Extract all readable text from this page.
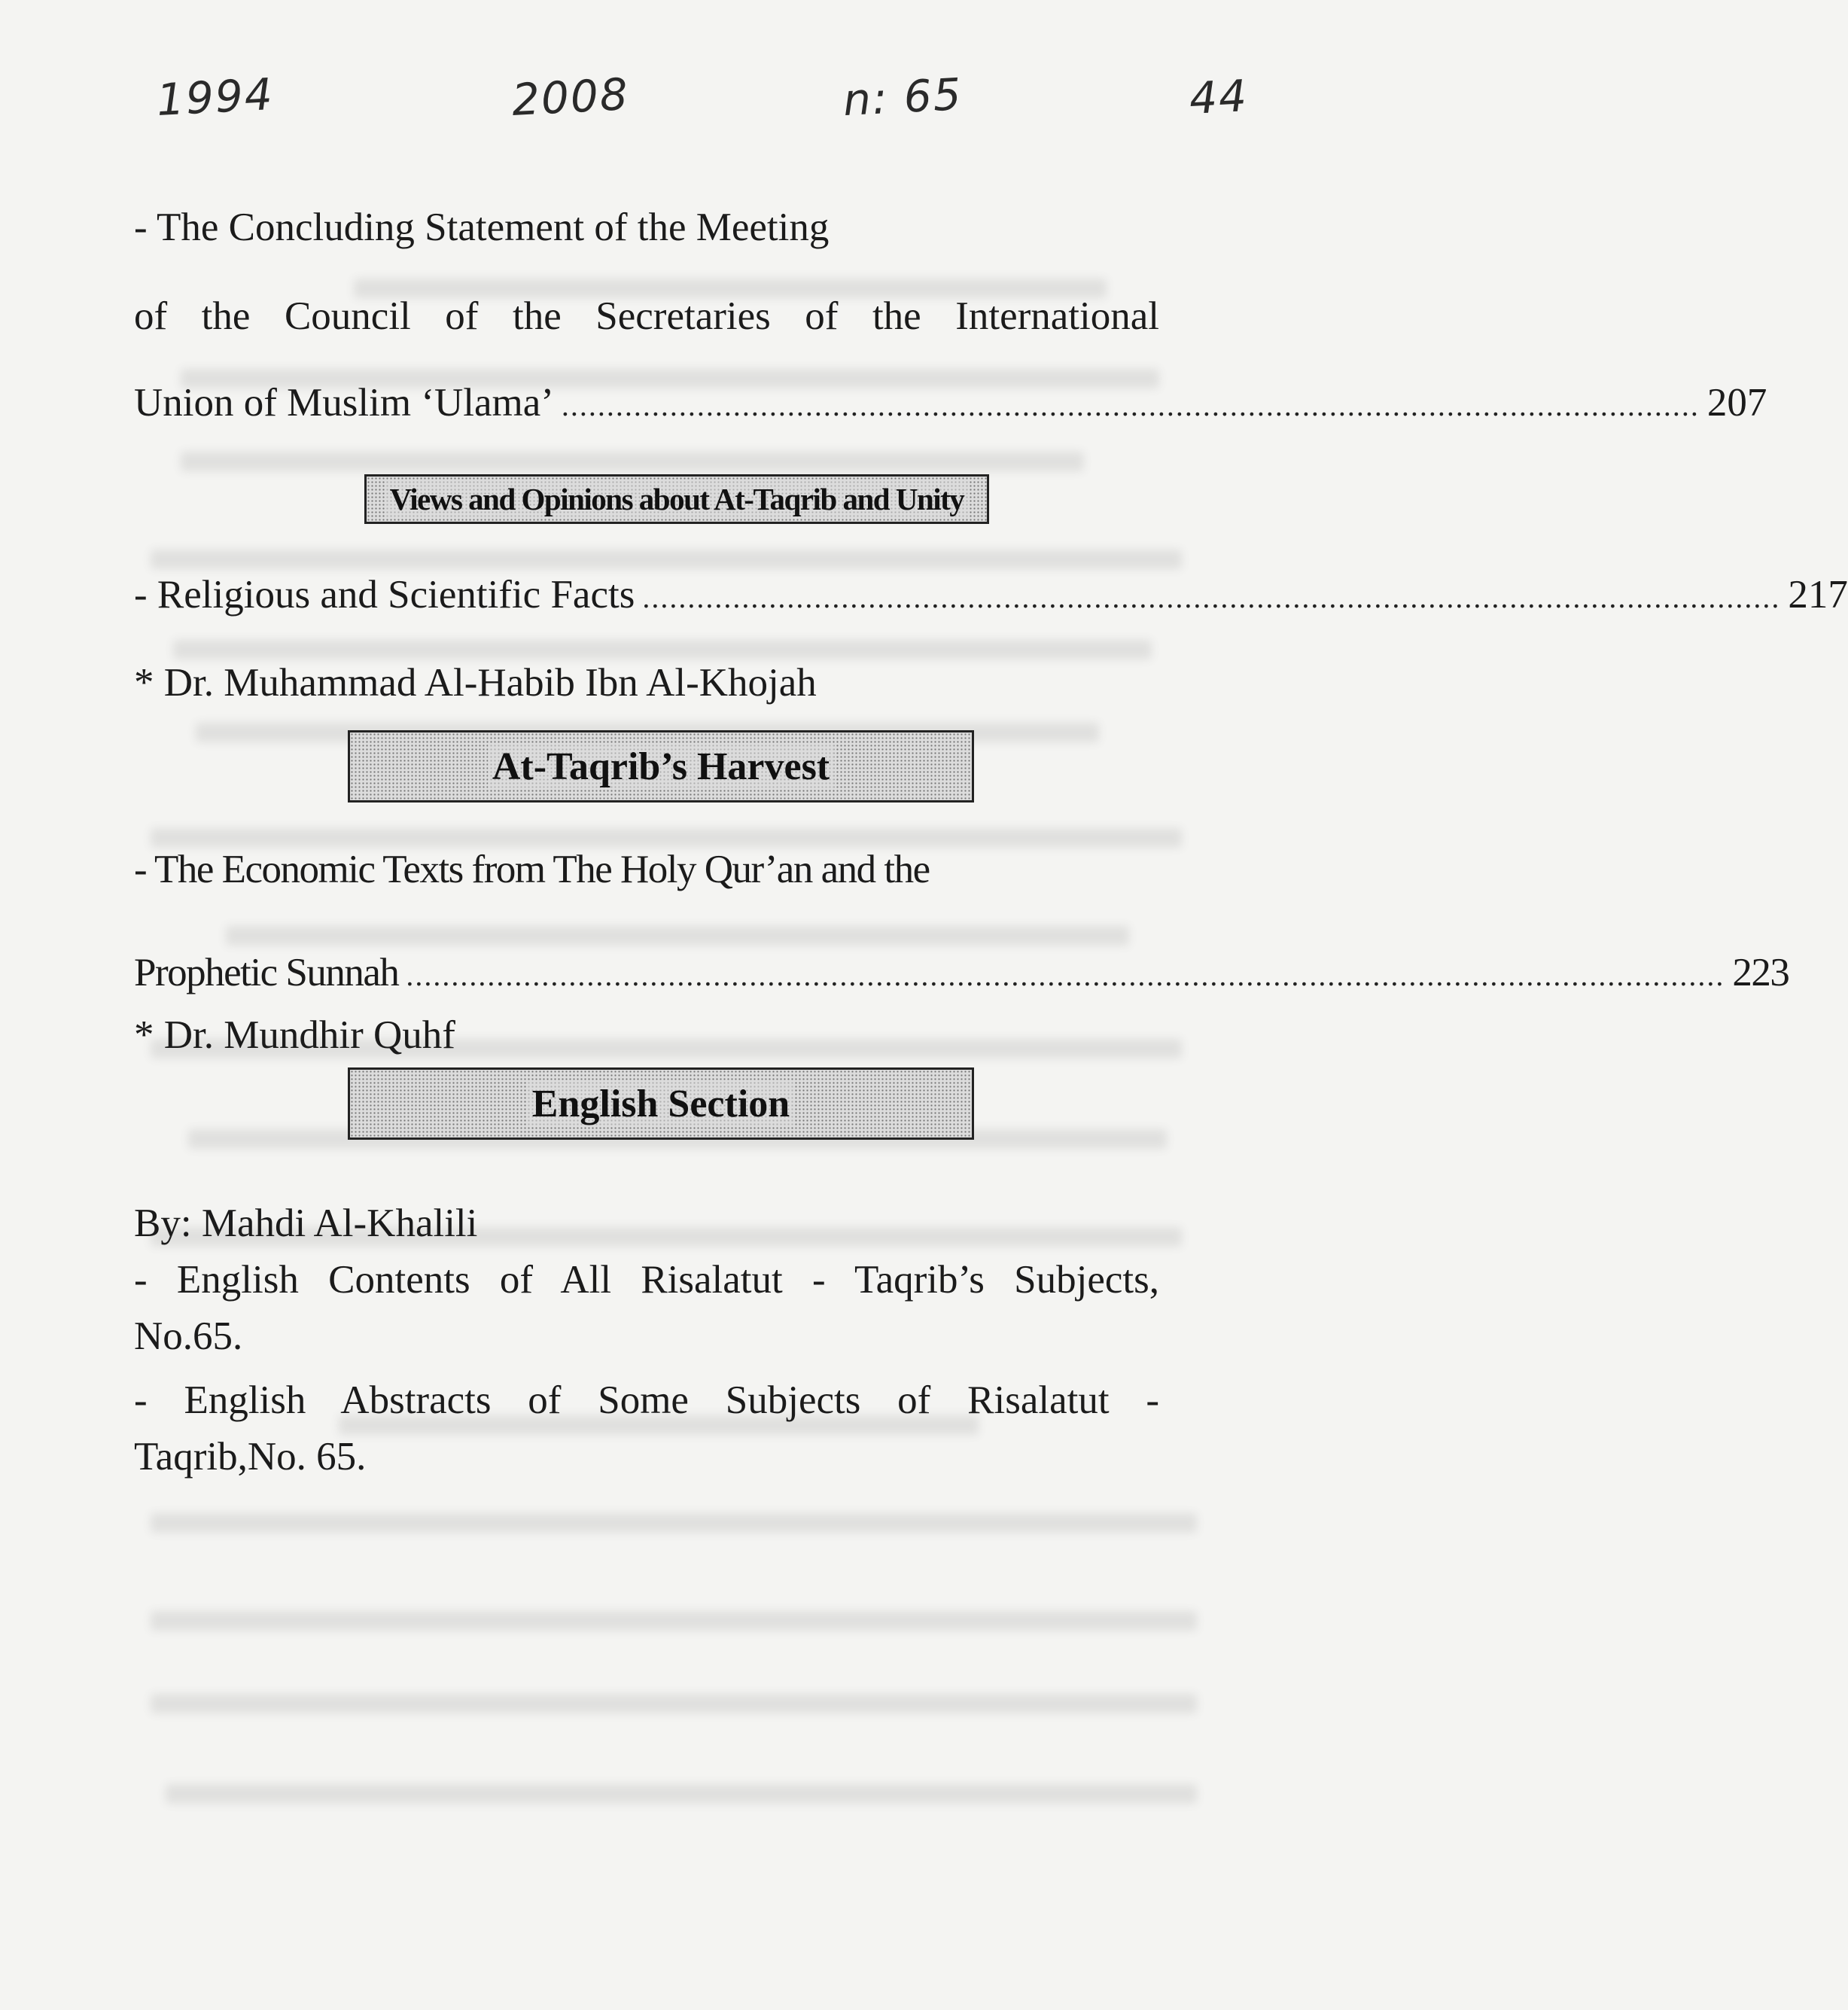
1994	2008	n: 65	44
- The Concluding Statement of the Meeting
of the Council of the Secretaries of the International
Union of Muslim ‘Ulama’ .............................................................................................................................. 207
Views and Opinions about At-Taqrib and Unity
- Religious and Scientific Facts .............................................................................................................................. 217
* Dr. Muhammad Al-Habib Ibn Al-Khojah
At-Taqrib’s Harvest
- The Economic Texts from The Holy Qur’an and the
Prophetic Sunnah .................................................................................................................................................. 223
* Dr. Mundhir Quhf
English Section
By: Mahdi Al-Khalili
- English Contents of All Risalatut - Taqrib’s Subjects,
No.65.
- English Abstracts of Some Subjects of Risalatut -
Taqrib,No. 65.
